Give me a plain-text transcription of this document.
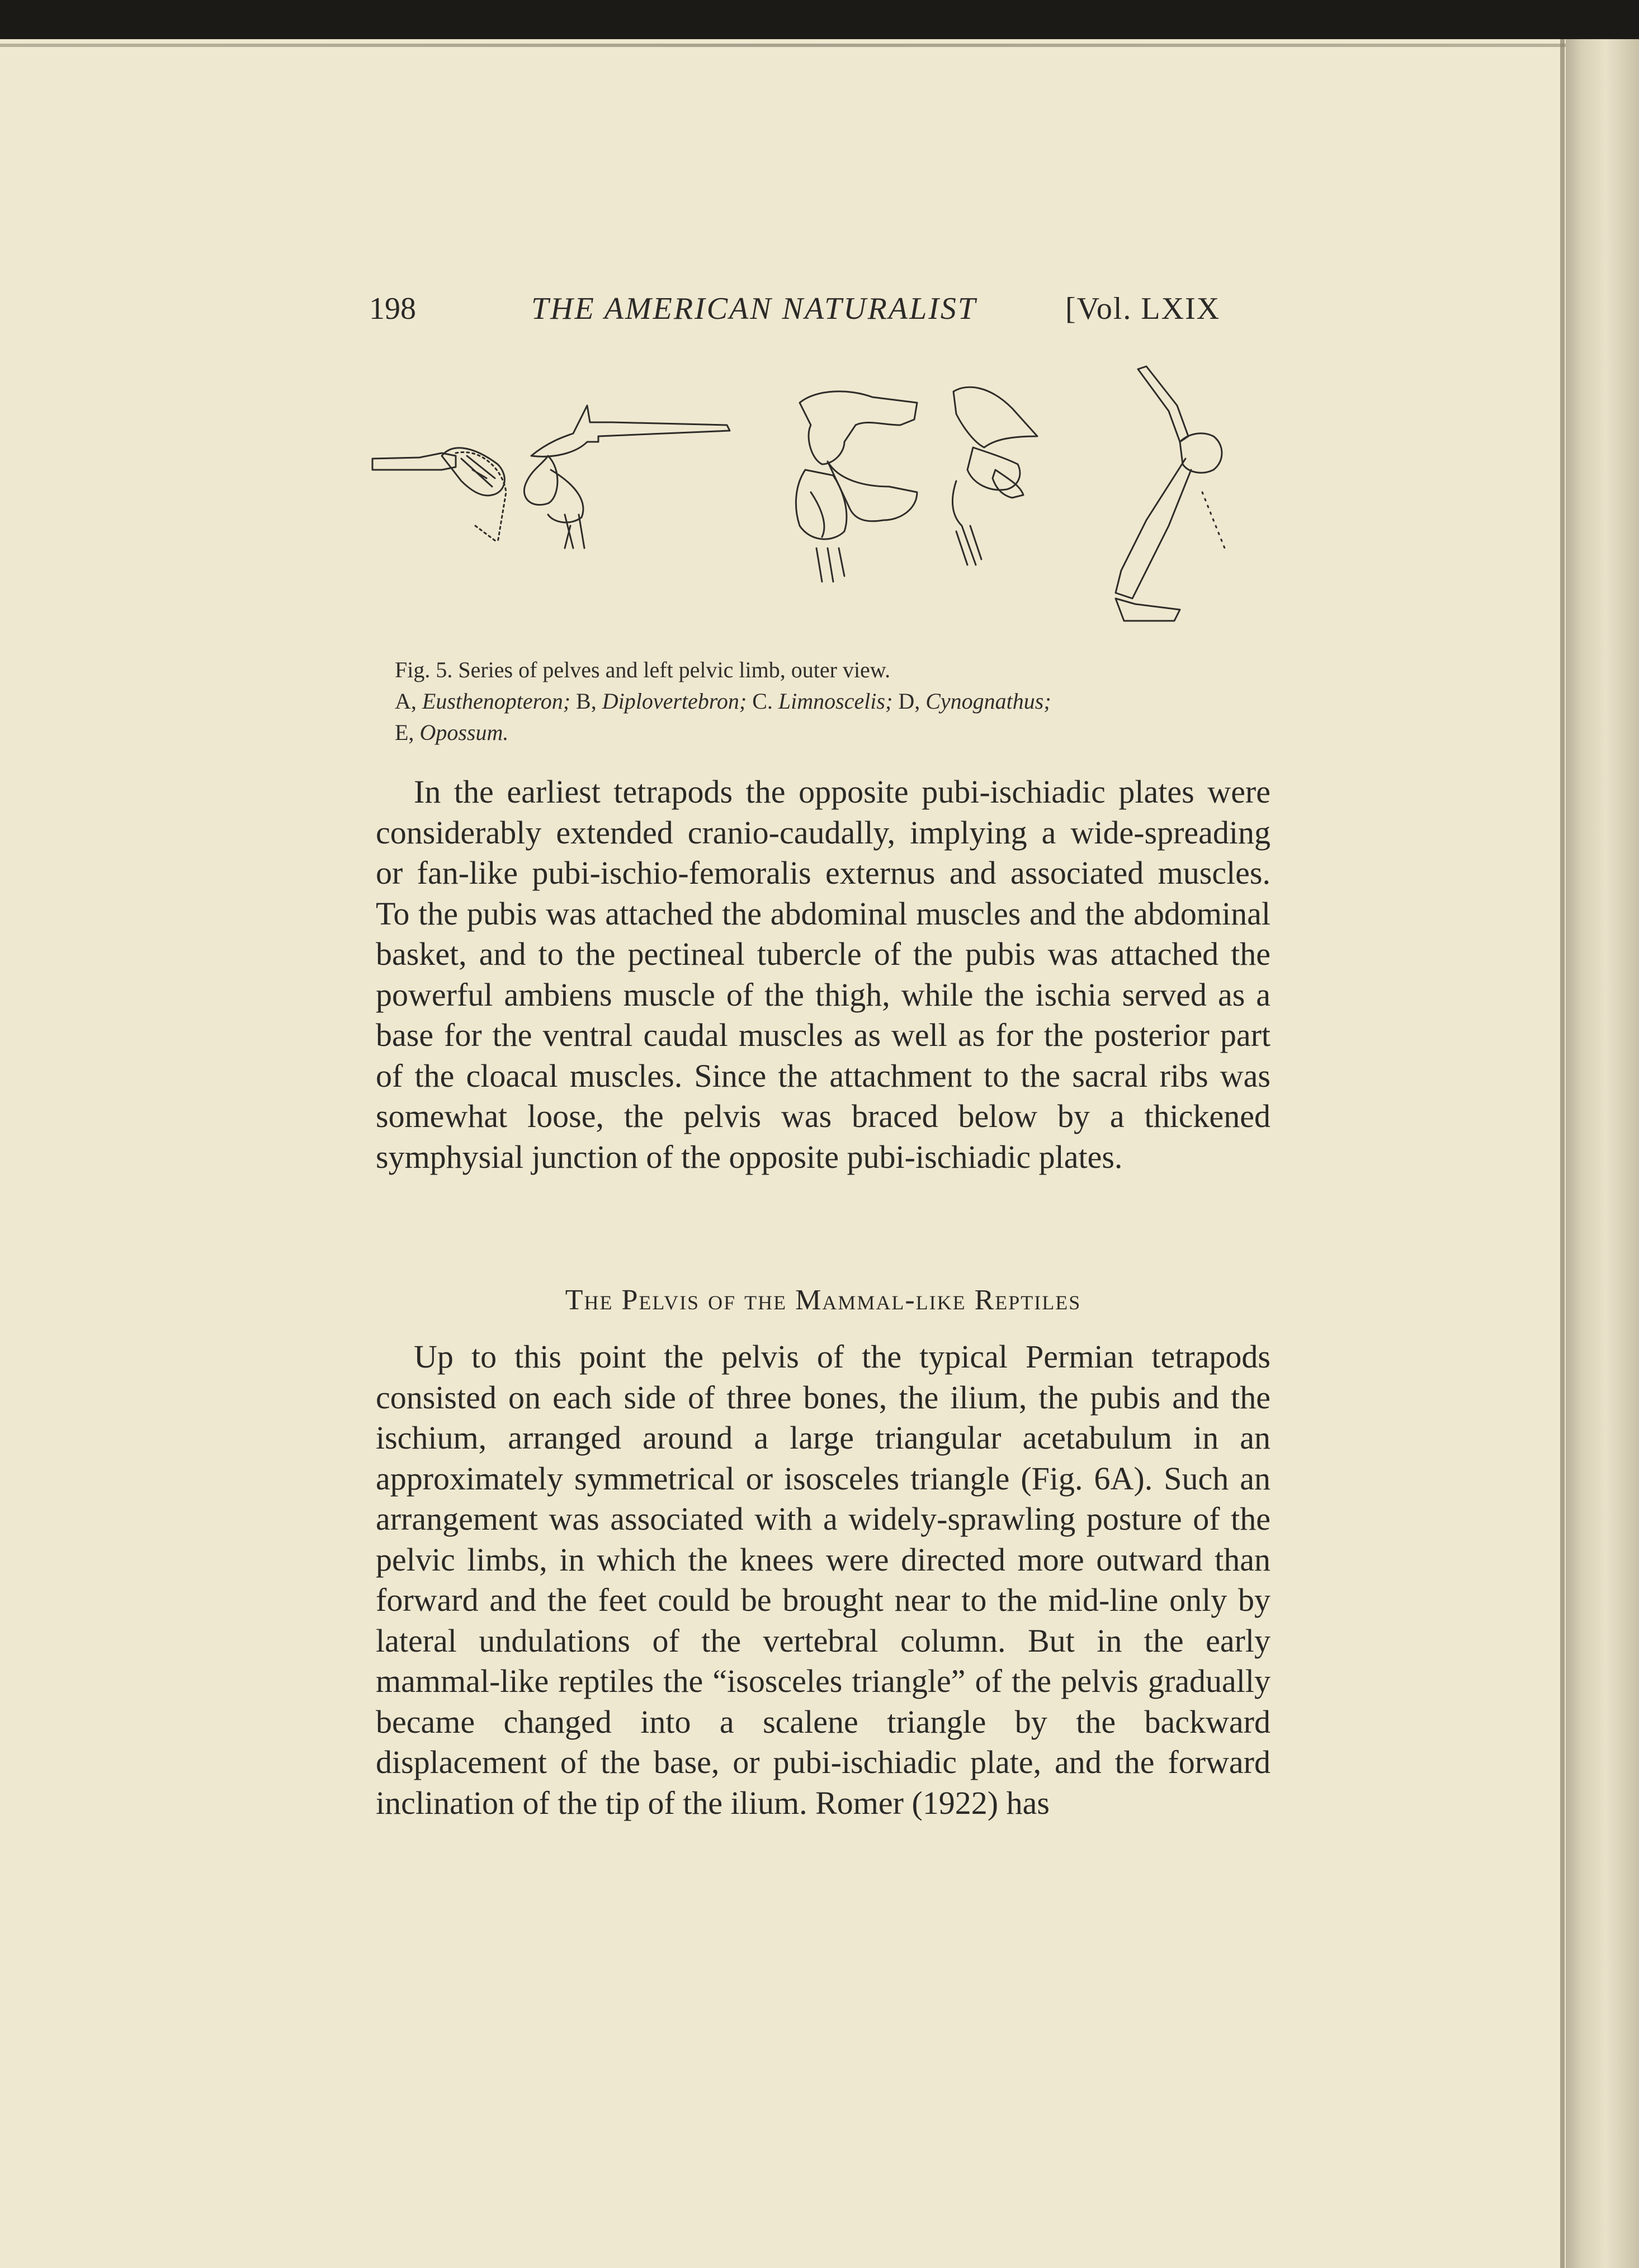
198	THE AMERICAN NATURALIST	[Vol. LXIX
Fig. 5. Series of pelves and left pelvic limb, outer view.
A, Eusthenopteron; B, Diplovertebron; C. Limnoscelis; D, Cynognathus;
E, Opossum.

In the earliest tetrapods the opposite pubi-ischiadic plates were considerably extended cranio-caudally, implying a wide-spreading or fan-like pubi-ischio-femoralis externus and associated muscles. To the pubis was attached the abdominal muscles and the abdominal basket, and to the pectineal tubercle of the pubis was attached the powerful ambiens muscle of the thigh, while the ischia served as a base for the ventral caudal muscles as well as for the posterior part of the cloacal muscles. Since the attachment to the sacral ribs was somewhat loose, the pelvis was braced below by a thickened symphysial junction of the opposite pubi-ischiadic plates.

The Pelvis of the Mammal-like Reptiles

Up to this point the pelvis of the typical Permian tetrapods consisted on each side of three bones, the ilium, the pubis and the ischium, arranged around a large triangular acetabulum in an approximately symmetrical or isosceles triangle (Fig. 6A). Such an arrangement was associated with a widely-sprawling posture of the pelvic limbs, in which the knees were directed more outward than forward and the feet could be brought near to the mid-line only by lateral undulations of the vertebral column. But in the early mammal-like reptiles the “isosceles triangle” of the pelvis gradually became changed into a scalene triangle by the backward displacement of the base, or pubi-ischiadic plate, and the forward inclination of the tip of the ilium. Romer (1922) has
